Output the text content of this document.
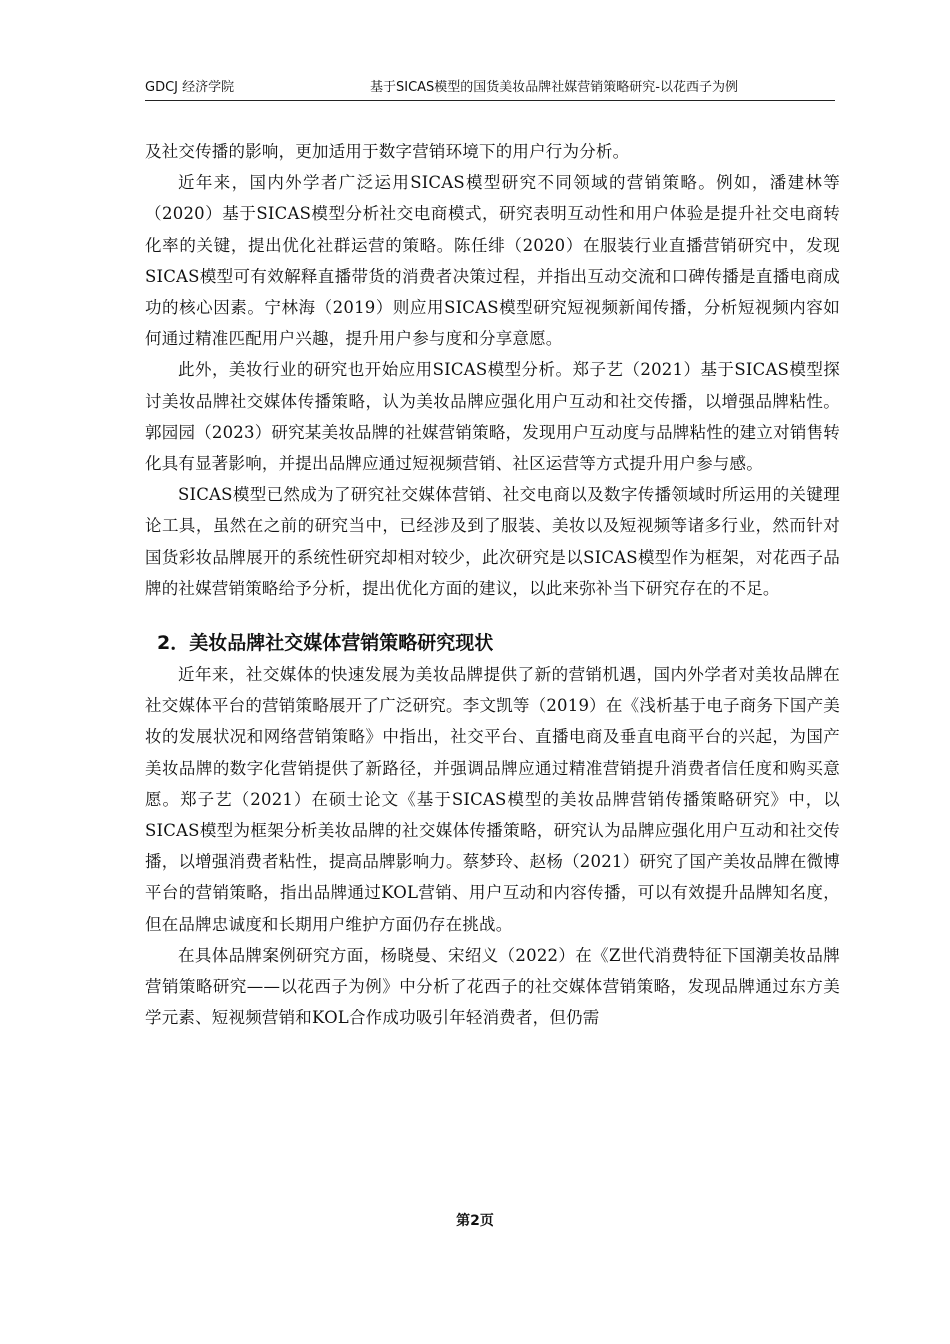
GDCJ 经济学院	基于SICAS模型的国货美妆品牌社媒营销策略研究-以花西子为例

及社交传播的影响，更加适用于数字营销环境下的用户行为分析。

近年来，国内外学者广泛运用SICAS模型研究不同领域的营销策略。例如，潘建林等（2020）基于SICAS模型分析社交电商模式，研究表明互动性和用户体验是提升社交电商转化率的关键，提出优化社群运营的策略。陈任绯（2020）在服装行业直播营销研究中，发现SICAS模型可有效解释直播带货的消费者决策过程，并指出互动交流和口碑传播是直播电商成功的核心因素。宁林海（2019）则应用SICAS模型研究短视频新闻传播，分析短视频内容如何通过精准匹配用户兴趣，提升用户参与度和分享意愿。

此外，美妆行业的研究也开始应用SICAS模型分析。郑子艺（2021）基于SICAS模型探讨美妆品牌社交媒体传播策略，认为美妆品牌应强化用户互动和社交传播，以增强品牌粘性。郭园园（2023）研究某美妆品牌的社媒营销策略，发现用户互动度与品牌粘性的建立对销售转化具有显著影响，并提出品牌应通过短视频营销、社区运营等方式提升用户参与感。

SICAS模型已然成为了研究社交媒体营销、社交电商以及数字传播领域时所运用的关键理论工具，虽然在之前的研究当中，已经涉及到了服装、美妆以及短视频等诸多行业，然而针对国货彩妆品牌展开的系统性研究却相对较少，此次研究是以SICAS模型作为框架，对花西子品牌的社媒营销策略给予分析，提出优化方面的建议，以此来弥补当下研究存在的不足。

2．美妆品牌社交媒体营销策略研究现状

近年来，社交媒体的快速发展为美妆品牌提供了新的营销机遇，国内外学者对美妆品牌在社交媒体平台的营销策略展开了广泛研究。李文凯等（2019）在《浅析基于电子商务下国产美妆的发展状况和网络营销策略》中指出，社交平台、直播电商及垂直电商平台的兴起，为国产美妆品牌的数字化营销提供了新路径，并强调品牌应通过精准营销提升消费者信任度和购买意愿。郑子艺（2021）在硕士论文《基于SICAS模型的美妆品牌营销传播策略研究》中，以SICAS模型为框架分析美妆品牌的社交媒体传播策略，研究认为品牌应强化用户互动和社交传播，以增强消费者粘性，提高品牌影响力。蔡梦玲、赵杨（2021）研究了国产美妆品牌在微博平台的营销策略，指出品牌通过KOL营销、用户互动和内容传播，可以有效提升品牌知名度，但在品牌忠诚度和长期用户维护方面仍存在挑战。

在具体品牌案例研究方面，杨晓曼、宋绍义（2022）在《Z世代消费特征下国潮美妆品牌营销策略研究——以花西子为例》中分析了花西子的社交媒体营销策略，发现品牌通过东方美学元素、短视频营销和KOL合作成功吸引年轻消费者，但仍需

第2页
